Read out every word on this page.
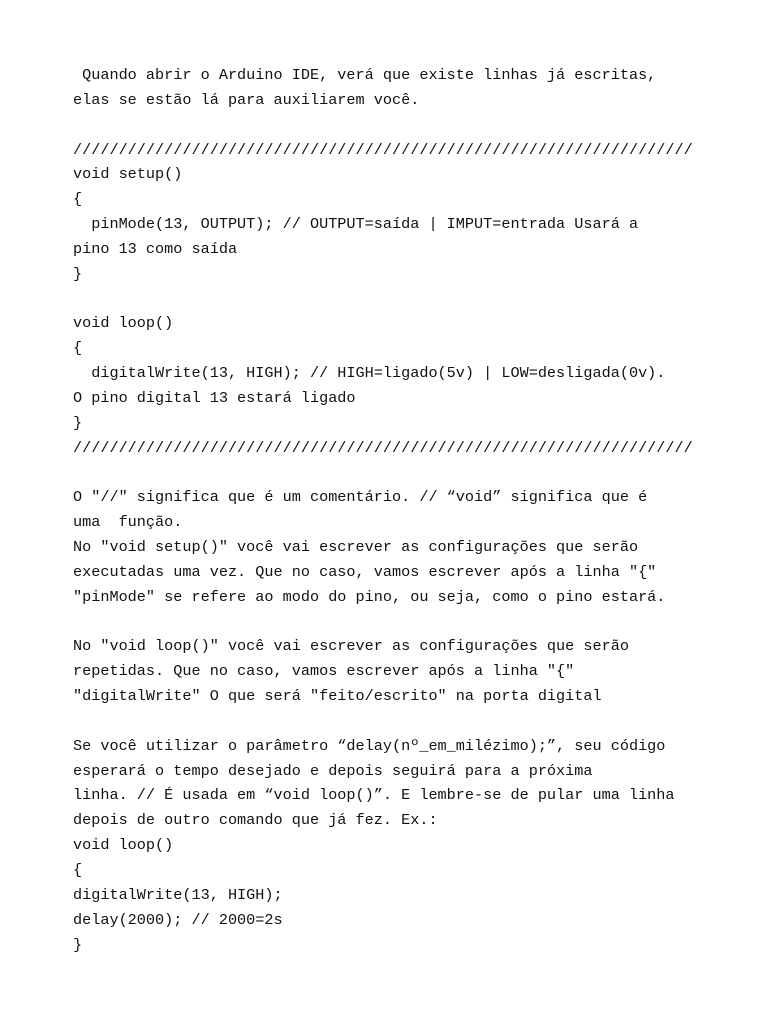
Quando abrir o Arduino IDE, verá que existe linhas já escritas,
elas se estão lá para auxiliarem você.
////////////////////////////////////////////////////////////////////
void setup()
{
pinMode(13, OUTPUT); // OUTPUT=saída | IMPUT=entrada Usará a
pino 13 como saída
}
void loop()
{
digitalWrite(13, HIGH); // HIGH=ligado(5v) | LOW=desligada(0v).
O pino digital 13 estará ligado
}
////////////////////////////////////////////////////////////////////
O "//" significa que é um comentário. // “void” significa que é
uma  função.
No "void setup()" você vai escrever as configurações que serão
executadas uma vez. Que no caso, vamos escrever após a linha "{"
"pinMode" se refere ao modo do pino, ou seja, como o pino estará.
No "void loop()" você vai escrever as configurações que serão
repetidas. Que no caso, vamos escrever após a linha "{"
"digitalWrite" O que será "feito/escrito" na porta digital
Se você utilizar o parâmetro “delay(nº_em_milézimo);”, seu código
esperará o tempo desejado e depois seguirá para a próxima
linha. // É usada em “void loop()”. E lembre-se de pular uma linha
depois de outro comando que já fez. Ex.:
void loop()
{
digitalWrite(13, HIGH);
delay(2000); // 2000=2s
}
